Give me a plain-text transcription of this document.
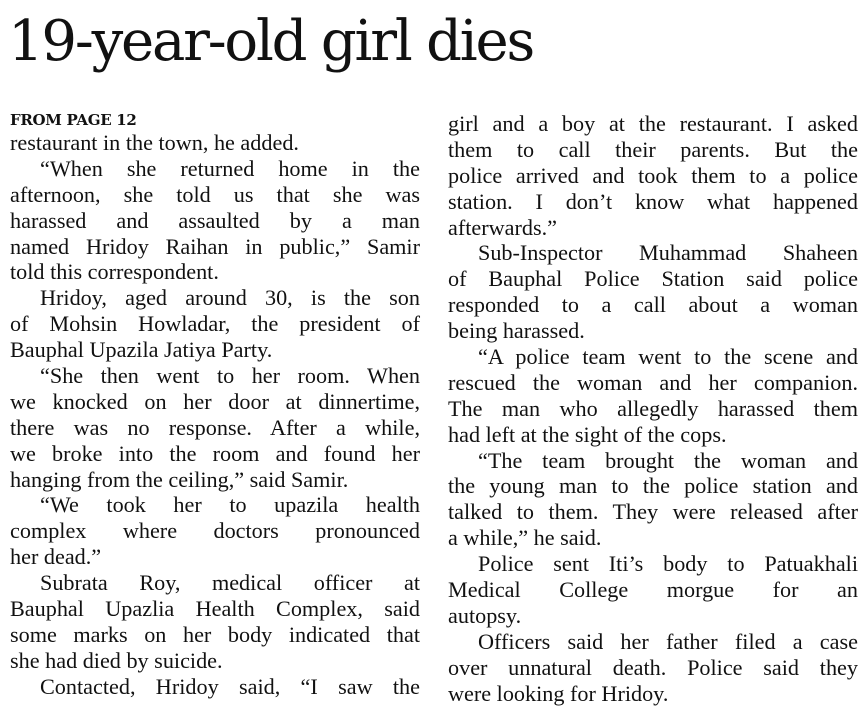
19-year-old girl dies
FROM PAGE 12
restaurant in the town, he added.
“When she returned home in the
afternoon, she told us that she was
harassed and assaulted by a man
named Hridoy Raihan in public,” Samir
told this correspondent.
Hridoy, aged around 30, is the son
of Mohsin Howladar, the president of
Bauphal Upazila Jatiya Party.
“She then went to her room. When
we knocked on her door at dinnertime,
there was no response. After a while,
we broke into the room and found her
hanging from the ceiling,” said Samir.
“We took her to upazila health
complex where doctors pronounced
her dead.”
Subrata Roy, medical officer at
Bauphal Upazlia Health Complex, said
some marks on her body indicated that
she had died by suicide.
Contacted, Hridoy said, “I saw the
girl and a boy at the restaurant. I asked
them to call their parents. But the
police arrived and took them to a police
station. I don’t know what happened
afterwards.”
Sub-Inspector Muhammad Shaheen
of Bauphal Police Station said police
responded to a call about a woman
being harassed.
“A police team went to the scene and
rescued the woman and her companion.
The man who allegedly harassed them
had left at the sight of the cops.
“The team brought the woman and
the young man to the police station and
talked to them. They were released after
a while,” he said.
Police sent Iti’s body to Patuakhali
Medical College morgue for an
autopsy.
Officers said her father filed a case
over unnatural death. Police said they
were looking for Hridoy.
